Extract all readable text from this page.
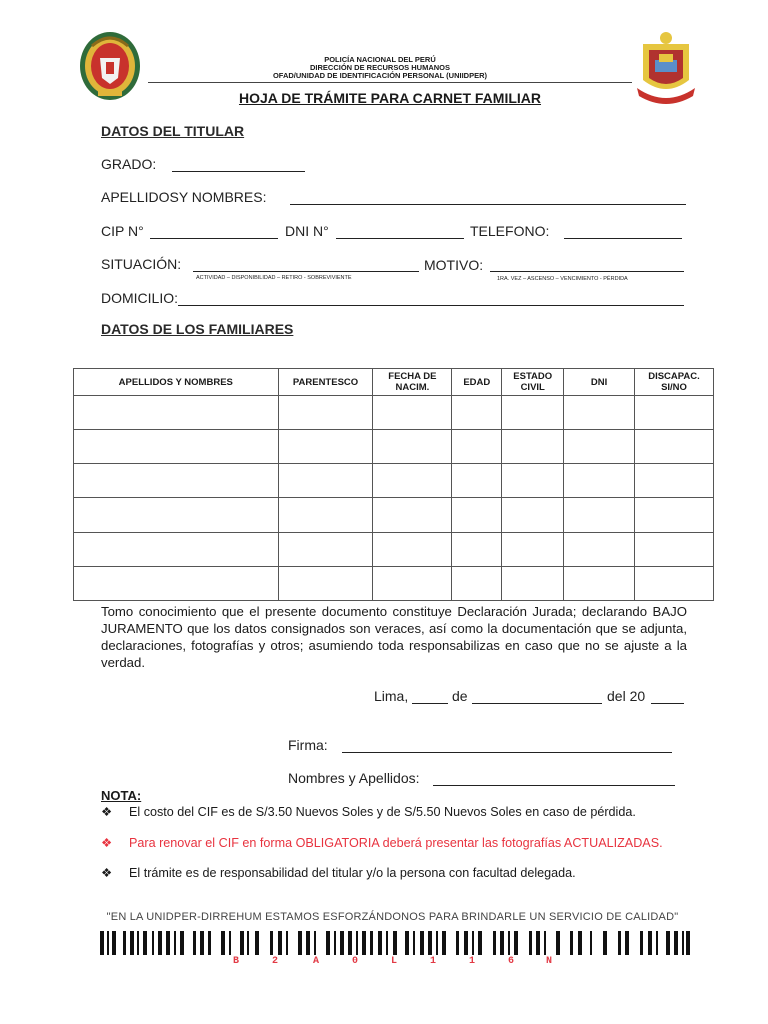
POLICÍA NACIONAL DEL PERÚ
DIRECCIÓN DE RECURSOS HUMANOS
OFAD/UNIDAD DE IDENTIFICACIÓN PERSONAL (UNIIDPER)
HOJA DE TRÁMITE PARA CARNET FAMILIAR
DATOS DEL TITULAR
GRADO:
APELLIDOSY NOMBRES:
CIP N°	DNI N°	TELEFONO:
SITUACIÓN:
ACTIVIDAD – DISPONIBILIDAD – RETIRO - SOBREVIVIENTE
MOTIVO:
1RA. VEZ – ASCENSO – VENCIMIENTO - PÉRDIDA
DOMICILIO:
DATOS DE LOS FAMILIARES
APELLIDOS Y NOMBRES	PARENTESCO	FECHA DE NACIM.	EDAD	ESTADO CIVIL	DNI	DISCAPAC. SI/NO

Tomo conocimiento que el presente documento constituye Declaración Jurada; declarando BAJO JURAMENTO que los datos consignados son veraces, así como la documentación que se adjunta, declaraciones, fotografías y otros; asumiendo toda responsabilizas en caso que no se ajuste a la verdad.
Lima,	de	del 20
Firma:
Nombres y Apellidos:
NOTA:
❖	El costo del CIF es de S/3.50 Nuevos Soles y de S/5.50 Nuevos Soles en caso de pérdida.
❖	Para renovar el CIF en forma OBLIGATORIA deberá presentar las fotografías ACTUALIZADAS.
❖	El trámite es de responsabilidad del titular y/o la persona con facultad delegada.
"EN LA UNIDPER-DIRREHUM ESTAMOS ESFORZÁNDONOS PARA BRINDARLE UN SERVICIO DE CALIDAD"
B	2	A	0	L	1	1	6	N
